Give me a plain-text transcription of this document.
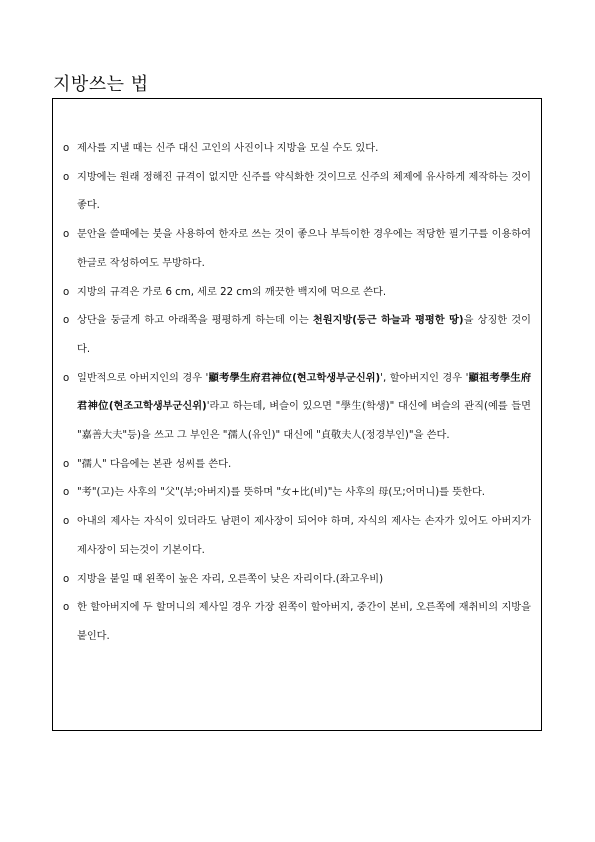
지방쓰는 법
o 제사를 지낼 때는 신주 대신 고인의 사진이나 지방을 모실 수도 있다.
o 지방에는 원래 정해진 규격이 없지만 신주를 약식화한 것이므로 신주의 체제에 유사하게 제작하는 것이 좋다.
o 문안을 쓸때에는 붓을 사용하여 한자로 쓰는 것이 좋으나 부득이한 경우에는 적당한 필기구를 이용하여 한글로 작성하여도 무방하다.
o 지방의 규격은 가로 6 cm, 세로 22 cm의 깨끗한 백지에 먹으로 쓴다.
o 상단을 둥글게 하고 아래쪽을 평평하게 하는데 이는 천원지방(둥근 하늘과 평평한 땅)을 상징한 것이다.
o 일반적으로 아버지인의 경우 '顯考學生府君神位(현고학생부군신위)', 할아버지인 경우 '顯祖考學生府君神位(현조고학생부군신위)'라고 하는데, 벼슬이 있으면 "學生(학생)" 대신에 벼슬의 관직(예를 들면 "嘉善大夫"등)을 쓰고 그 부인은 "孺人(유인)" 대신에 "貞敬夫人(정경부인)"을 쓴다.
o "孺人" 다음에는 본관 성씨를 쓴다.
o "考"(고)는 사후의 "父"(부;아버지)를 뜻하며 "女+比(비)"는 사후의 母(모;어머니)를 뜻한다.
o 아내의 제사는 자식이 있더라도 남편이 제사장이 되어야 하며, 자식의 제사는 손자가 있어도 아버지가 제사장이 되는것이 기본이다.
o 지방을 붙일 때 왼쪽이 높은 자리, 오른쪽이 낮은 자리이다.(좌고우비)
o 한 할아버지에 두 할머니의 제사일 경우 가장 왼쪽이 할아버지, 중간이 본비, 오른쪽에 재취비의 지방을 붙인다.
